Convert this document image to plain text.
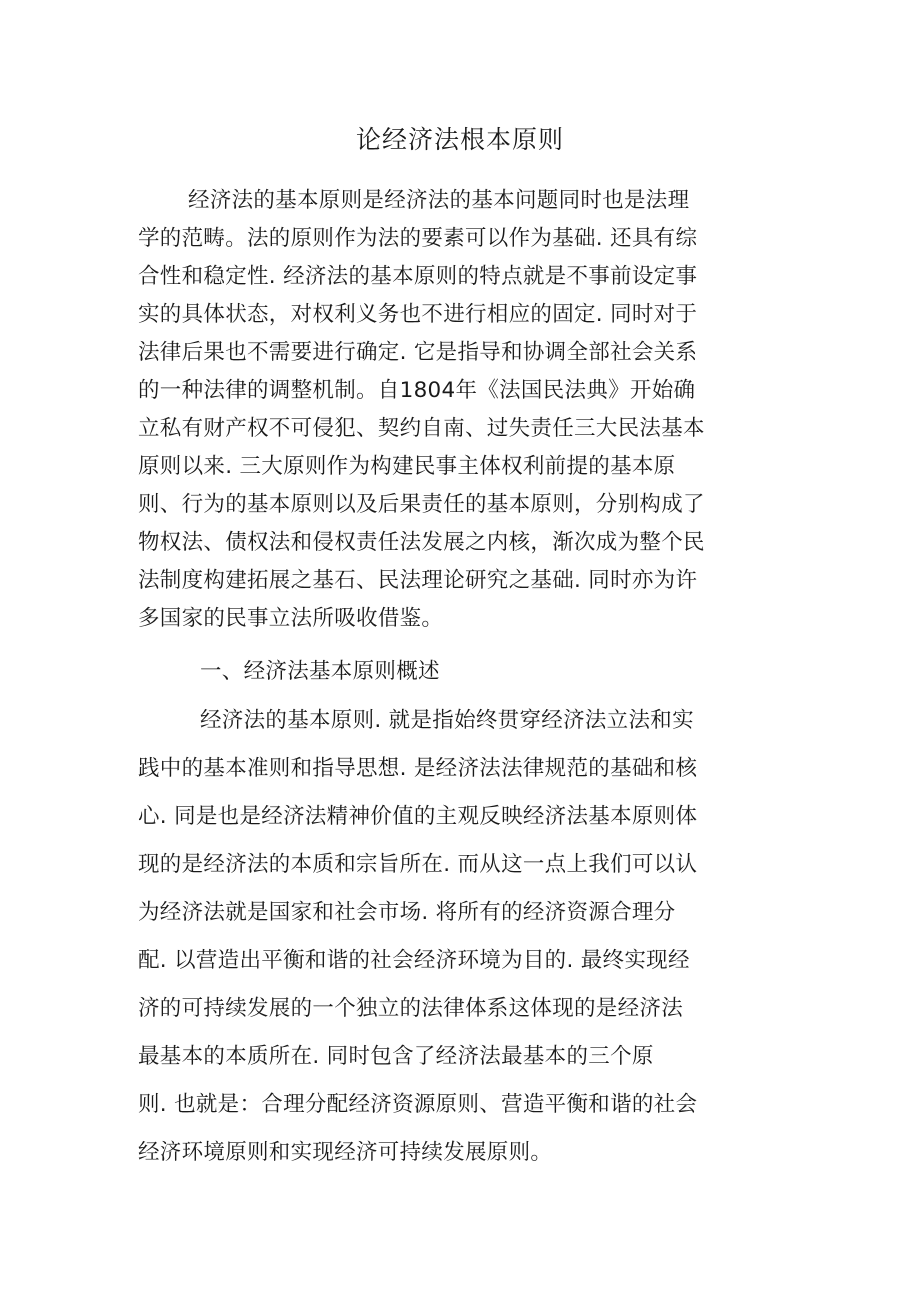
论经济法根本原则

经济法的基本原则是经济法的基本问题同时也是法理

学的范畴。法的原则作为法的要素可以作为基础. 还具有综

合性和稳定性. 经济法的基本原则的特点就是不事前设定事

实的具体状态，对权利义务也不进行相应的固定. 同时对于

法律后果也不需要进行确定. 它是指导和协调全部社会关系

的一种法律的调整机制。自1804年《法国民法典》开始确

立私有财产权不可侵犯、契约自南、过失责任三大民法基本

原则以来. 三大原则作为构建民事主体权利前提的基本原

则、行为的基本原则以及后果责任的基本原则，分别构成了

物权法、债权法和侵权责任法发展之内核，渐次成为整个民

法制度构建拓展之基石、民法理论研究之基础. 同时亦为许

多国家的民事立法所吸收借鉴。

一、经济法基本原则概述

经济法的基本原则. 就是指始终贯穿经济法立法和实

践中的基本准则和指导思想. 是经济法法律规范的基础和核

心. 同是也是经济法精神价值的主观反映经济法基本原则体

现的是经济法的本质和宗旨所在. 而从这一点上我们可以认

为经济法就是国家和社会市场. 将所有的经济资源合理分

配. 以营造出平衡和谐的社会经济环境为目的. 最终实现经

济的可持续发展的一个独立的法律体系这体现的是经济法

最基本的本质所在. 同时包含了经济法最基本的三个原

则. 也就是：合理分配经济资源原则、营造平衡和谐的社会

经济环境原则和实现经济可持续发展原则。
